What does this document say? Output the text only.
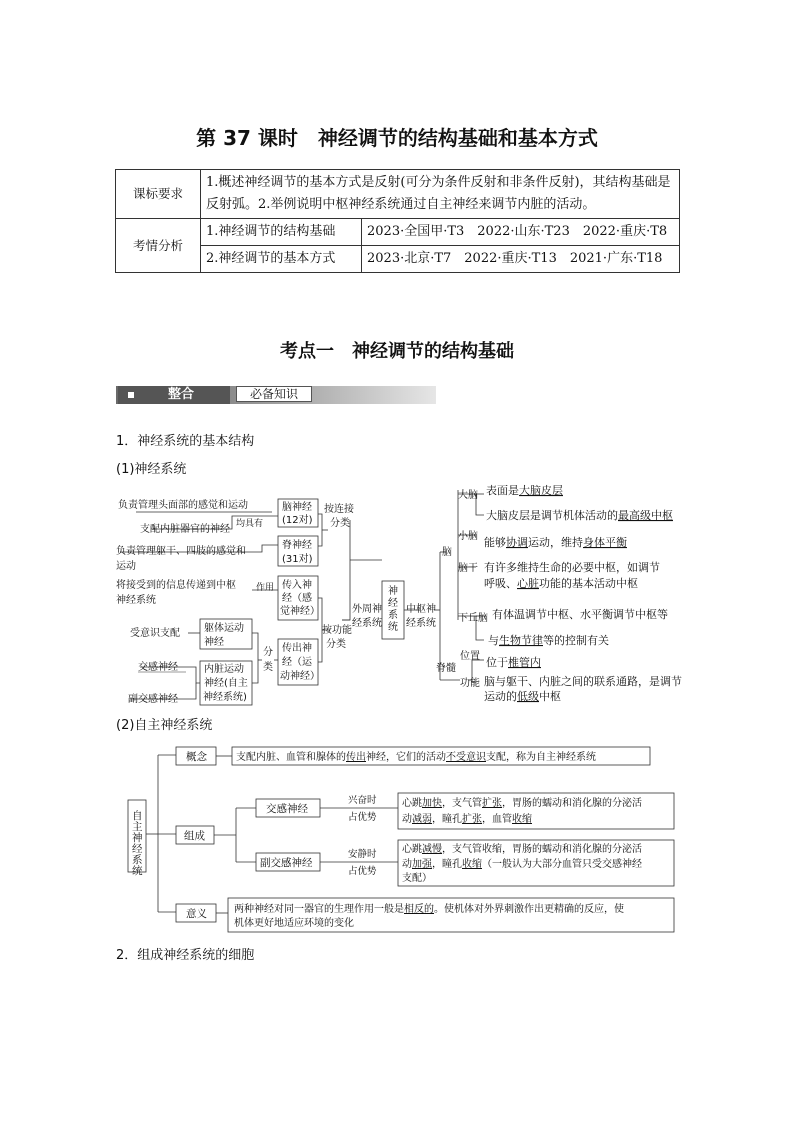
第 37 课时　神经调节的结构基础和基本方式
课标要求	1.概述神经调节的基本方式是反射(可分为条件反射和非条件反射)，其结构基础是反射弧。2.举例说明中枢神经系统通过自主神经来调节内脏的活动。	
考情分析	1.神经调节的结构基础	2023·全国甲·T3　2022·山东·T23　2022·重庆·T8
	2.神经调节的基本方式	2023·北京·T7　2022·重庆·T13　2021·广东·T18
考点一　神经调节的结构基础
整合	必备知识
1．神经系统的基本结构
(1)神经系统
负责管理头面部的感觉和运动
支配内脏器官的神经 均具有
负责管理躯干、四肢的感觉和
运动
脑神经
(12对)
脊神经
(31对)
按连接
分类
将接受到的信息传递到中枢
神经系统
作用 传入神
经（感
觉神经）
受意识支配 躯体运动
神经
分
类
传出神
经（运
动神经）
按功能
分类
交感神经
副交感神经
内脏运动
神经(自主
神经系统)
外周神
经系统
神
经
系
统
中枢神
经系统
脑
大脑 表面是大脑皮层
大脑皮层是调节机体活动的最高级中枢
小脑 能够协调运动，维持身体平衡
脑干 有许多维持生命的必要中枢，如调节
呼吸、心脏功能的基本活动中枢
下丘脑 有体温调节中枢、水平衡调节中枢等
与生物节律等的控制有关
脊髓
位置 位于椎管内
功能 脑与躯干、内脏之间的联系通路，是调节
运动的低级中枢
(2)自主神经系统
自
主
神
经
系
统
概念	支配内脏、血管和腺体的传出神经，它们的活动不受意识支配，称为自主神经系统
组成
交感神经
副交感神经
兴奋时
占优势
安静时
占优势
心跳加快，支气管扩张，胃肠的蠕动和消化腺的分泌活
动减弱，瞳孔扩张，血管收缩
心跳减慢，支气管收缩，胃肠的蠕动和消化腺的分泌活
动加强，瞳孔收缩（一般认为大部分血管只受交感神经
支配）
意义	两种神经对同一器官的生理作用一般是相反的。使机体对外界刺激作出更精确的反应，使
机体更好地适应环境的变化
2．组成神经系统的细胞
